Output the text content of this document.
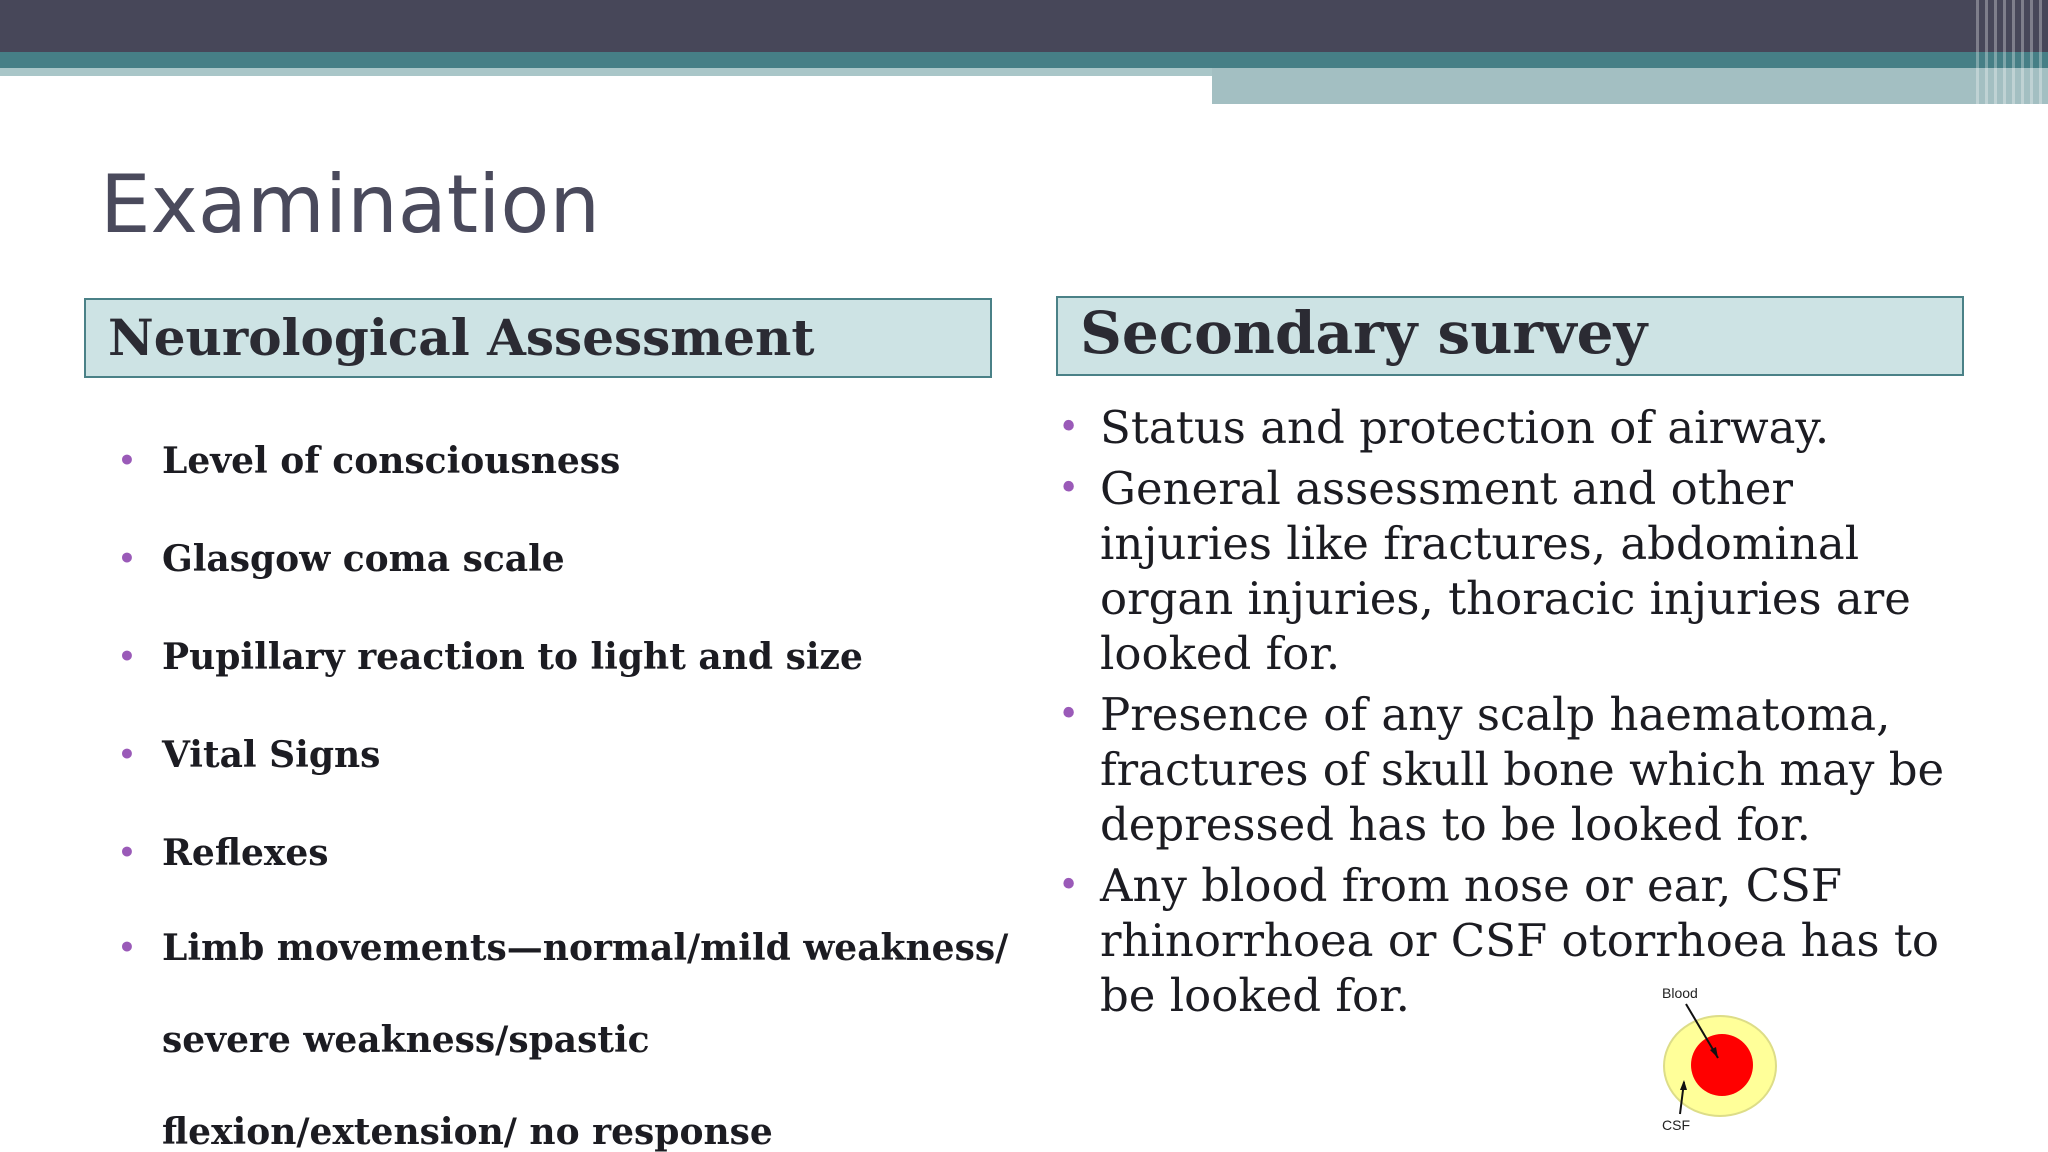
Examination
Neurological Assessment
• Level of consciousness
• Glasgow coma scale
• Pupillary reaction to light and size
• Vital Signs
• Reflexes
• Limb movements—normal/mild weakness/ severe weakness/spastic flexion/extension/ no response
Secondary survey
• Status and protection of airway.
• General assessment and other injuries like fractures, abdominal organ injuries, thoracic injuries are looked for.
• Presence of any scalp haematoma, fractures of skull bone which may be depressed has to be looked for.
• Any blood from nose or ear, CSF rhinorrhoea or CSF otorrhoea has to be looked for.	Blood
CSF
